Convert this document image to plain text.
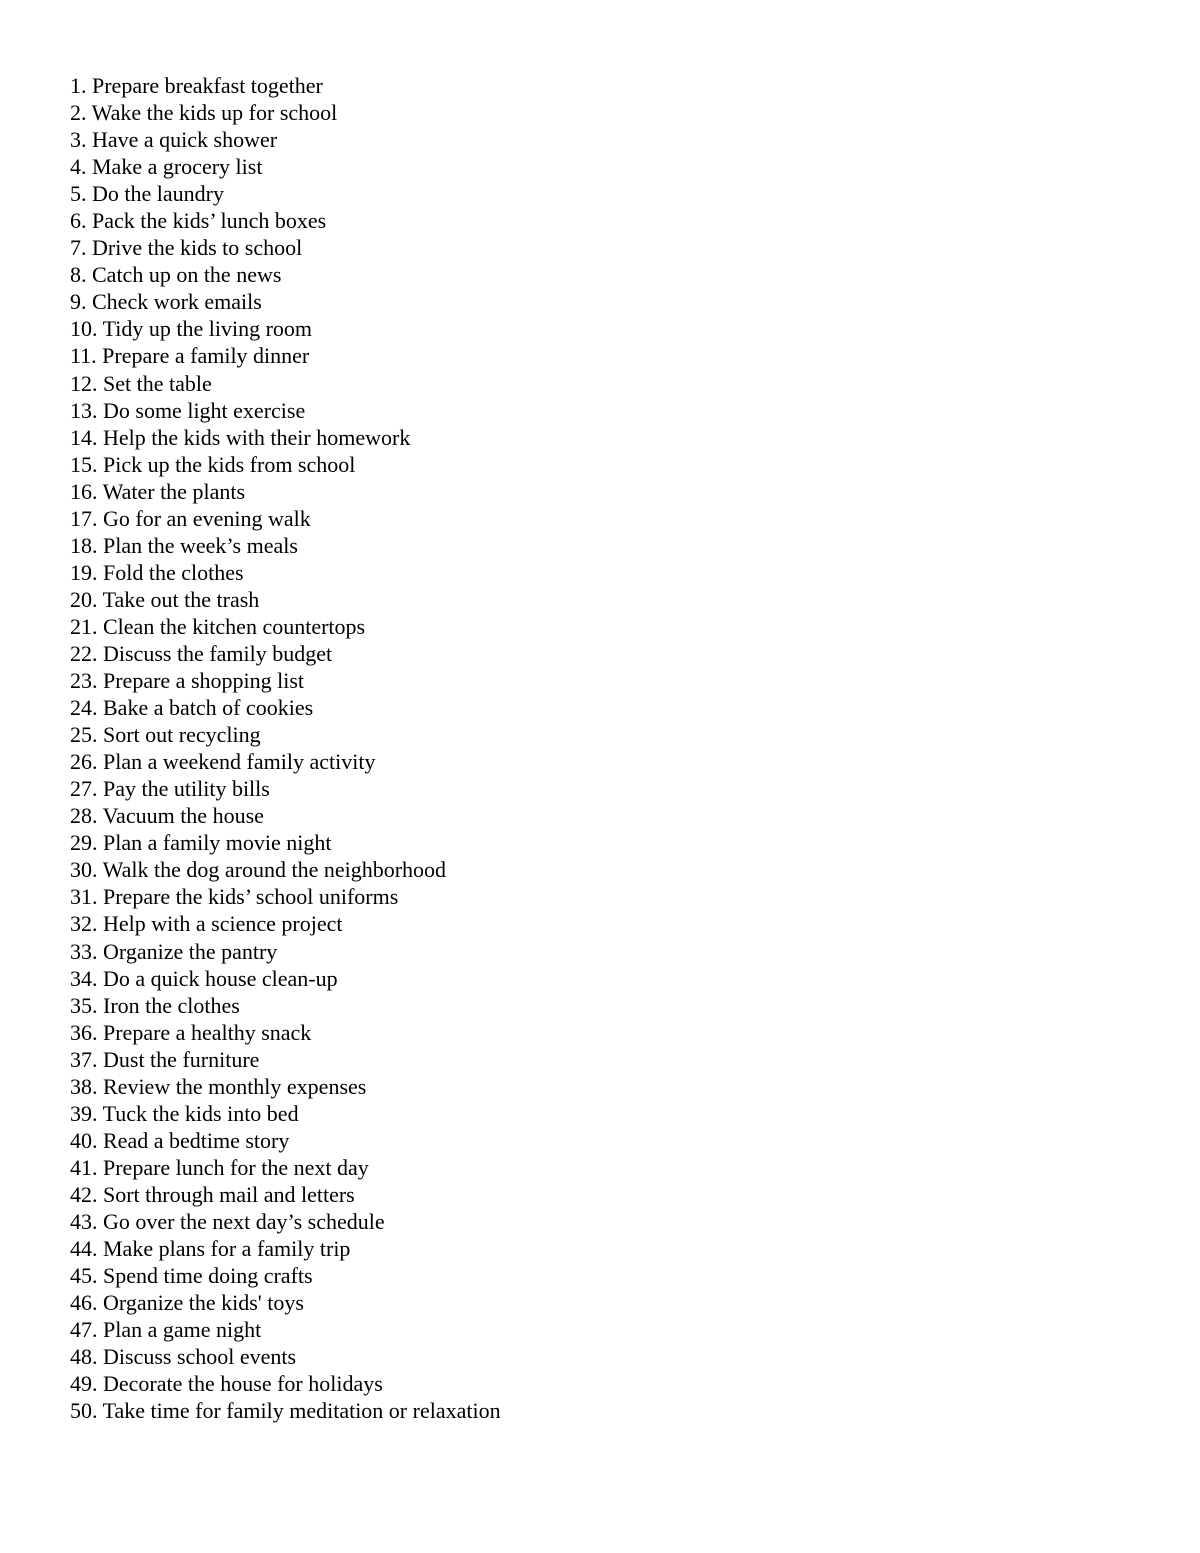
1. Prepare breakfast together
2. Wake the kids up for school
3. Have a quick shower
4. Make a grocery list
5. Do the laundry
6. Pack the kids’ lunch boxes
7. Drive the kids to school
8. Catch up on the news
9. Check work emails
10. Tidy up the living room
11. Prepare a family dinner
12. Set the table
13. Do some light exercise
14. Help the kids with their homework
15. Pick up the kids from school
16. Water the plants
17. Go for an evening walk
18. Plan the week’s meals
19. Fold the clothes
20. Take out the trash
21. Clean the kitchen countertops
22. Discuss the family budget
23. Prepare a shopping list
24. Bake a batch of cookies
25. Sort out recycling
26. Plan a weekend family activity
27. Pay the utility bills
28. Vacuum the house
29. Plan a family movie night
30. Walk the dog around the neighborhood
31. Prepare the kids’ school uniforms
32. Help with a science project
33. Organize the pantry
34. Do a quick house clean-up
35. Iron the clothes
36. Prepare a healthy snack
37. Dust the furniture
38. Review the monthly expenses
39. Tuck the kids into bed
40. Read a bedtime story
41. Prepare lunch for the next day
42. Sort through mail and letters
43. Go over the next day’s schedule
44. Make plans for a family trip
45. Spend time doing crafts
46. Organize the kids' toys
47. Plan a game night
48. Discuss school events
49. Decorate the house for holidays
50. Take time for family meditation or relaxation
